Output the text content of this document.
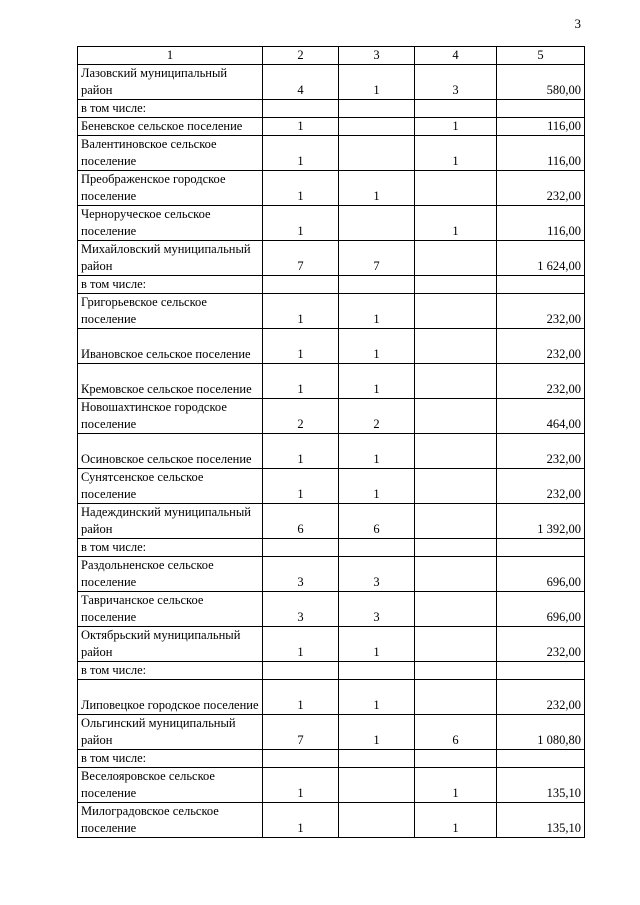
3
1	2	3	4	5
Лазовский муниципальный район	4	1	3	580,00
в том числе:				
Беневское сельское поселение	1		1	116,00
Валентиновское сельское поселение	1		1	116,00
Преображенское городское поселение	1	1		232,00
Черноруческое сельское поселение	1		1	116,00
Михайловский муниципальный район	7	7		1 624,00
в том числе:				
Григорьевское сельское поселение	1	1		232,00
Ивановское сельское поселение	1	1		232,00
Кремовское сельское поселение	1	1		232,00
Новошахтинское городское поселение	2	2		464,00
Осиновское сельское поселение	1	1		232,00
Сунятсенское сельское поселение	1	1		232,00
Надеждинский муниципальный район	6	6		1 392,00
в том числе:				
Раздольненское сельское поселение	3	3		696,00
Тавричанское сельское поселение	3	3		696,00
Октябрьский муниципальный район	1	1		232,00
в том числе:				
Липовецкое городское поселение	1	1		232,00
Ольгинский муниципальный район	7	1	6	1 080,80
в том числе:				
Веселояровское сельское поселение	1		1	135,10
Милоградовское сельское поселение	1		1	135,10
